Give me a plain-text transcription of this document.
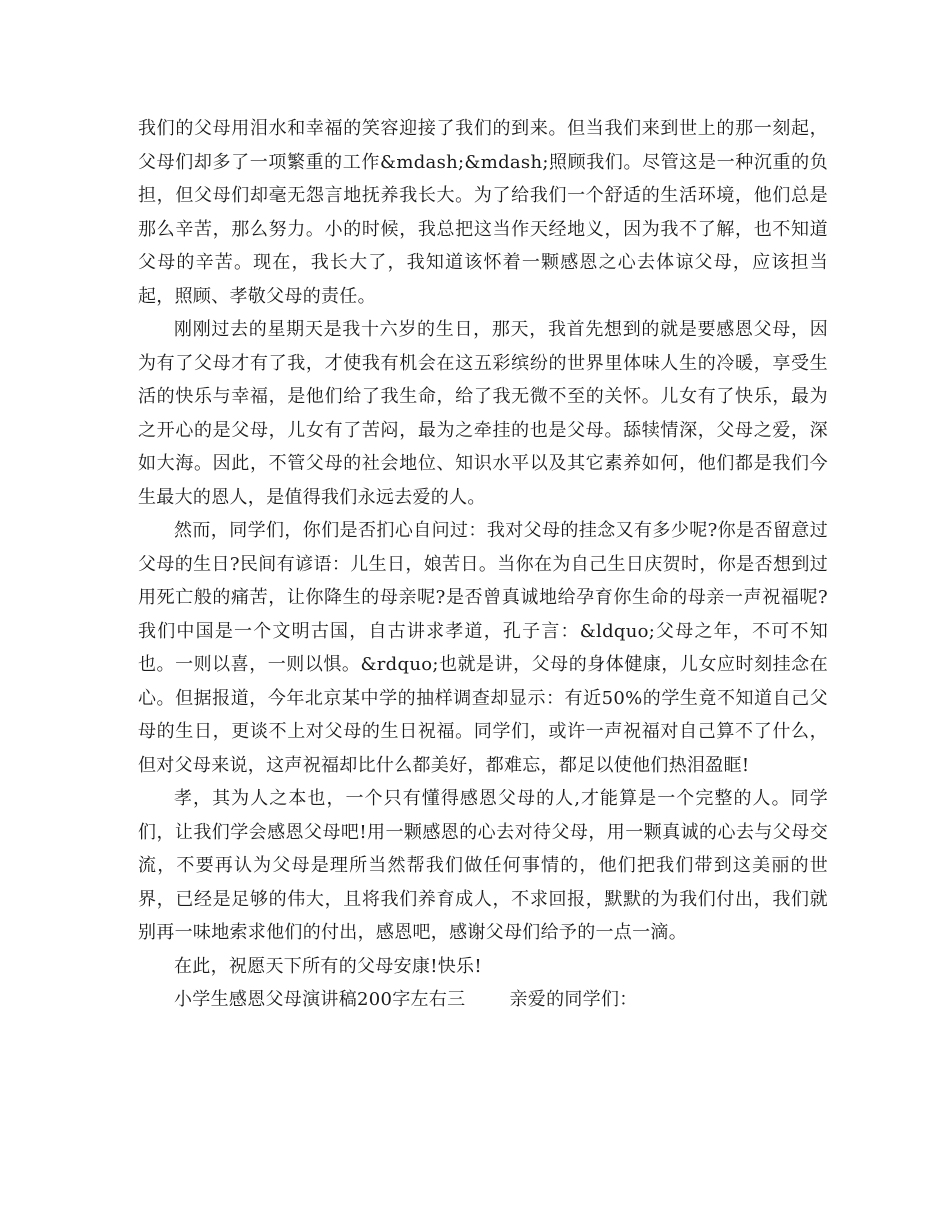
我们的父母用泪水和幸福的笑容迎接了我们的到来。但当我们来到世上的那一刻起，父母们却多了一项繁重的工作&mdash;&mdash;照顾我们。尽管这是一种沉重的负担，但父母们却毫无怨言地抚养我长大。为了给我们一个舒适的生活环境，他们总是那么辛苦，那么努力。小的时候，我总把这当作天经地义，因为我不了解，也不知道父母的辛苦。现在，我长大了，我知道该怀着一颗感恩之心去体谅父母，应该担当起，照顾、孝敬父母的责任。

刚刚过去的星期天是我十六岁的生日，那天，我首先想到的就是要感恩父母，因为有了父母才有了我，才使我有机会在这五彩缤纷的世界里体味人生的冷暖，享受生活的快乐与幸福，是他们给了我生命，给了我无微不至的关怀。儿女有了快乐，最为之开心的是父母，儿女有了苦闷，最为之牵挂的也是父母。舔犊情深，父母之爱，深如大海。因此，不管父母的社会地位、知识水平以及其它素养如何，他们都是我们今生最大的恩人，是值得我们永远去爱的人。

然而，同学们，你们是否扪心自问过：我对父母的挂念又有多少呢?你是否留意过父母的生日?民间有谚语：儿生日，娘苦日。当你在为自己生日庆贺时，你是否想到过用死亡般的痛苦，让你降生的母亲呢?是否曾真诚地给孕育你生命的母亲一声祝福呢?我们中国是一个文明古国，自古讲求孝道，孔子言：&ldquo;父母之年，不可不知也。一则以喜，一则以惧。&rdquo;也就是讲，父母的身体健康，儿女应时刻挂念在心。但据报道，今年北京某中学的抽样调查却显示：有近50%的学生竟不知道自己父母的生日，更谈不上对父母的生日祝福。同学们，或许一声祝福对自己算不了什么，但对父母来说，这声祝福却比什么都美好，都难忘，都足以使他们热泪盈眶!

孝，其为人之本也，一个只有懂得感恩父母的人,才能算是一个完整的人。同学们，让我们学会感恩父母吧!用一颗感恩的心去对待父母，用一颗真诚的心去与父母交流，不要再认为父母是理所当然帮我们做任何事情的，他们把我们带到这美丽的世界，已经是足够的伟大，且将我们养育成人，不求回报，默默的为我们付出，我们就别再一味地索求他们的付出，感恩吧，感谢父母们给予的一点一滴。

在此，祝愿天下所有的父母安康!快乐!

小学生感恩父母演讲稿200字左右三 亲爱的同学们：
